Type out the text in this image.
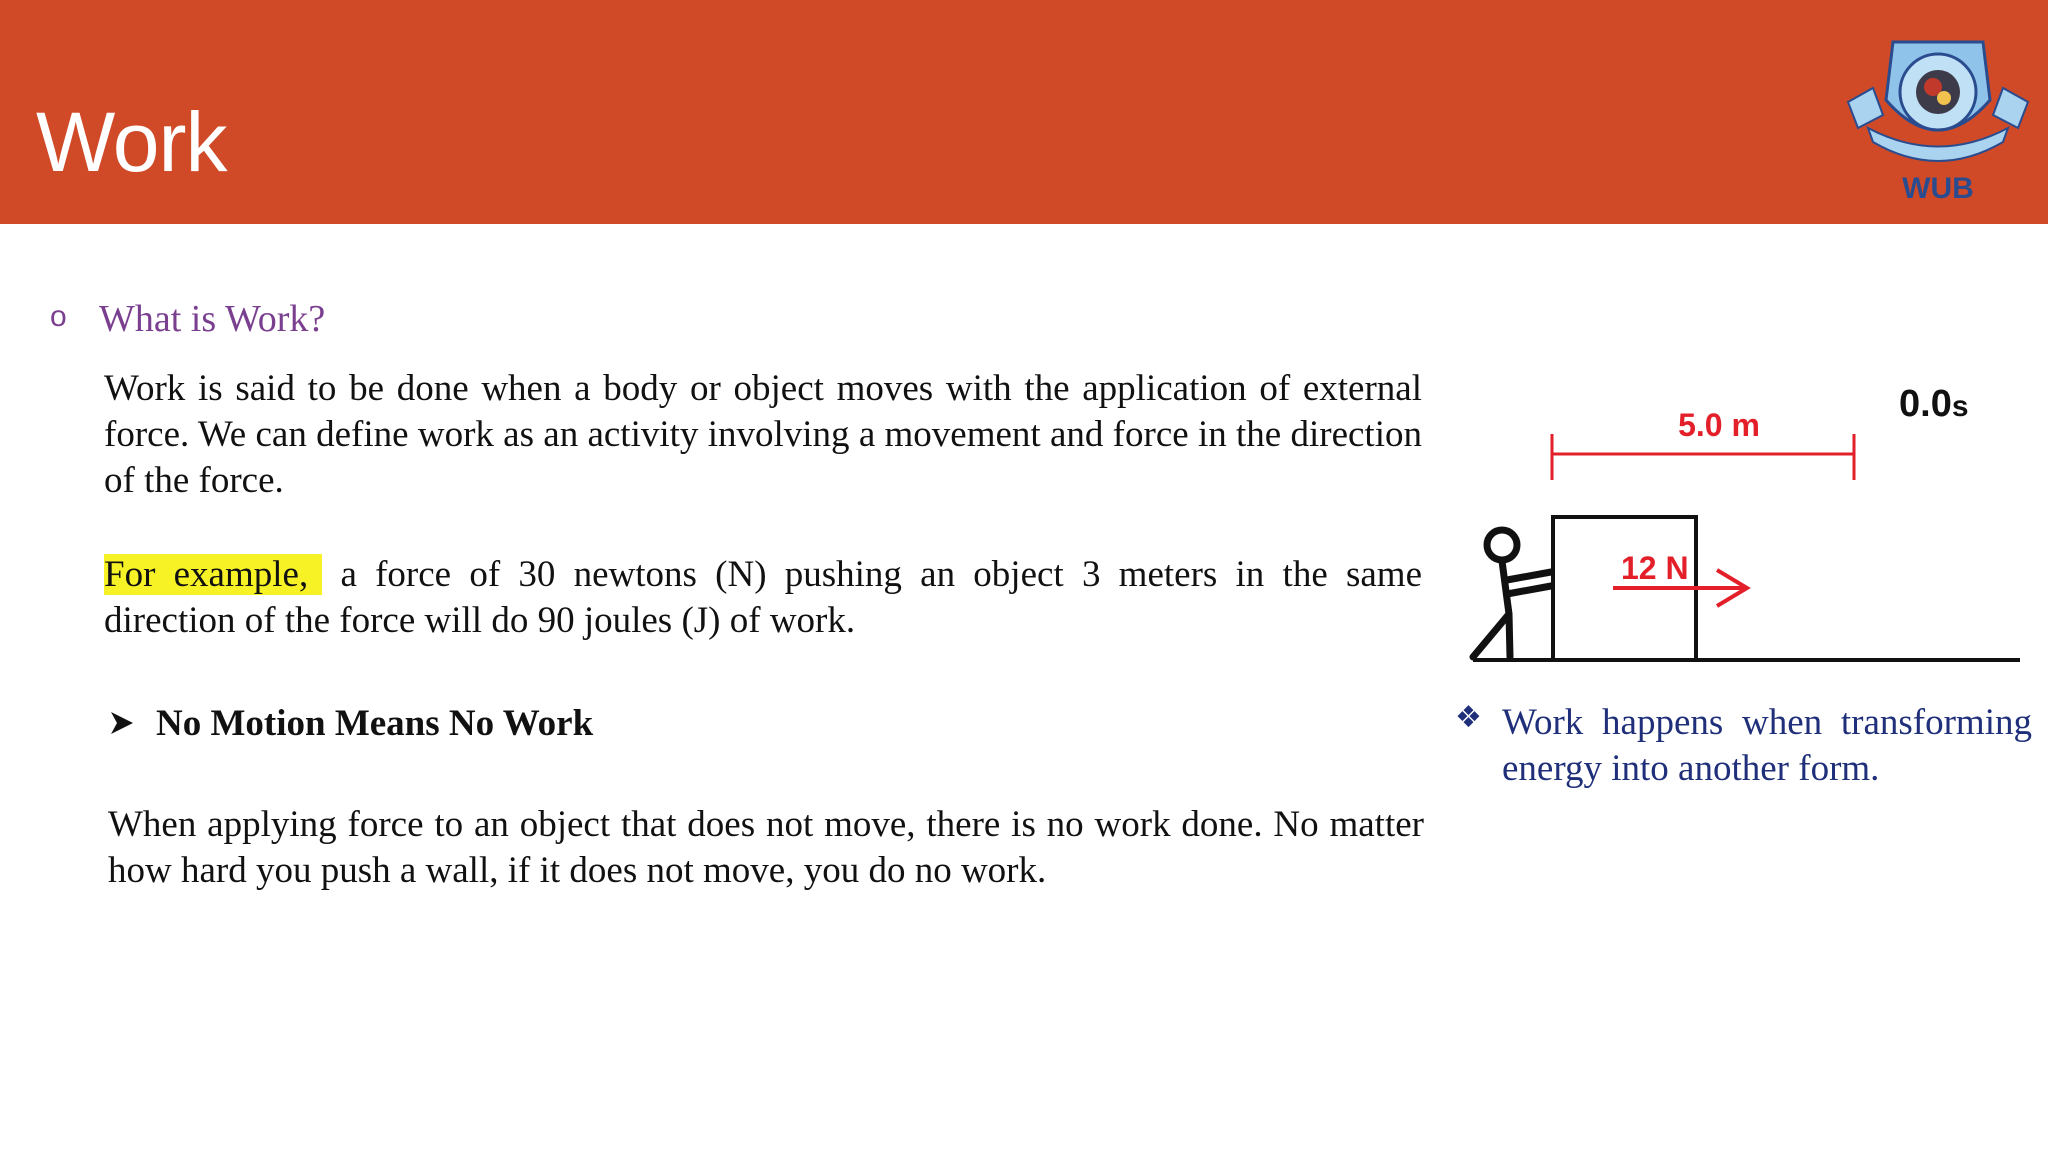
Work	WUB
o What is Work?
Work is said to be done when a body or object moves with the application of external force. We can define work as an activity involving a movement and force in the direction of the force.
For example, a force of 30 newtons (N) pushing an object 3 meters in the same direction of the force will do 90 joules (J) of work.
No Motion Means No Work
When applying force to an object that does not move, there is no work done. No matter how hard you push a wall, if it does not move, you do no work.
5.0 m	0.0s
12 N
❖ Work happens when transforming energy into another form.
